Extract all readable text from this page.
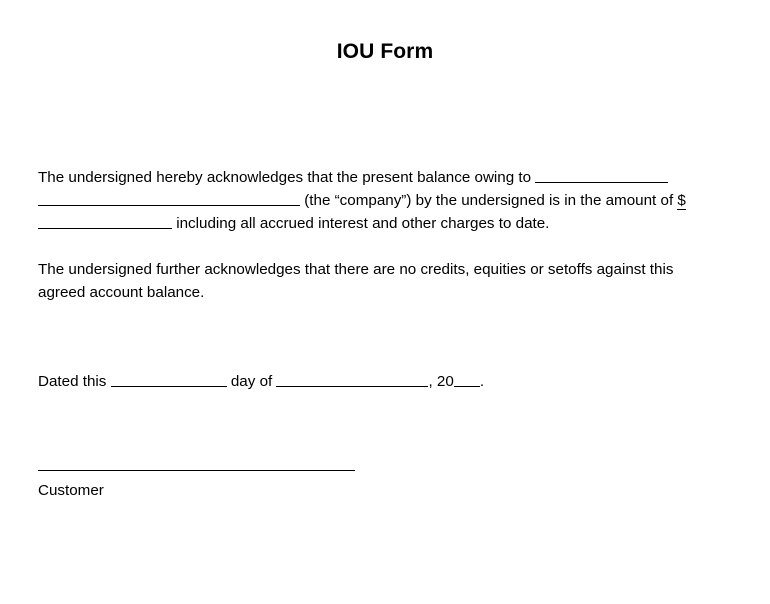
IOU Form
The undersigned hereby acknowledges that the present balance owing to  (the “company”) by the undersigned is in the amount of $ including all accrued interest and other charges to date.
The undersigned further acknowledges that there are no credits, equities or setoffs against this agreed account balance.
Dated this	day of	, 20 .
Customer
